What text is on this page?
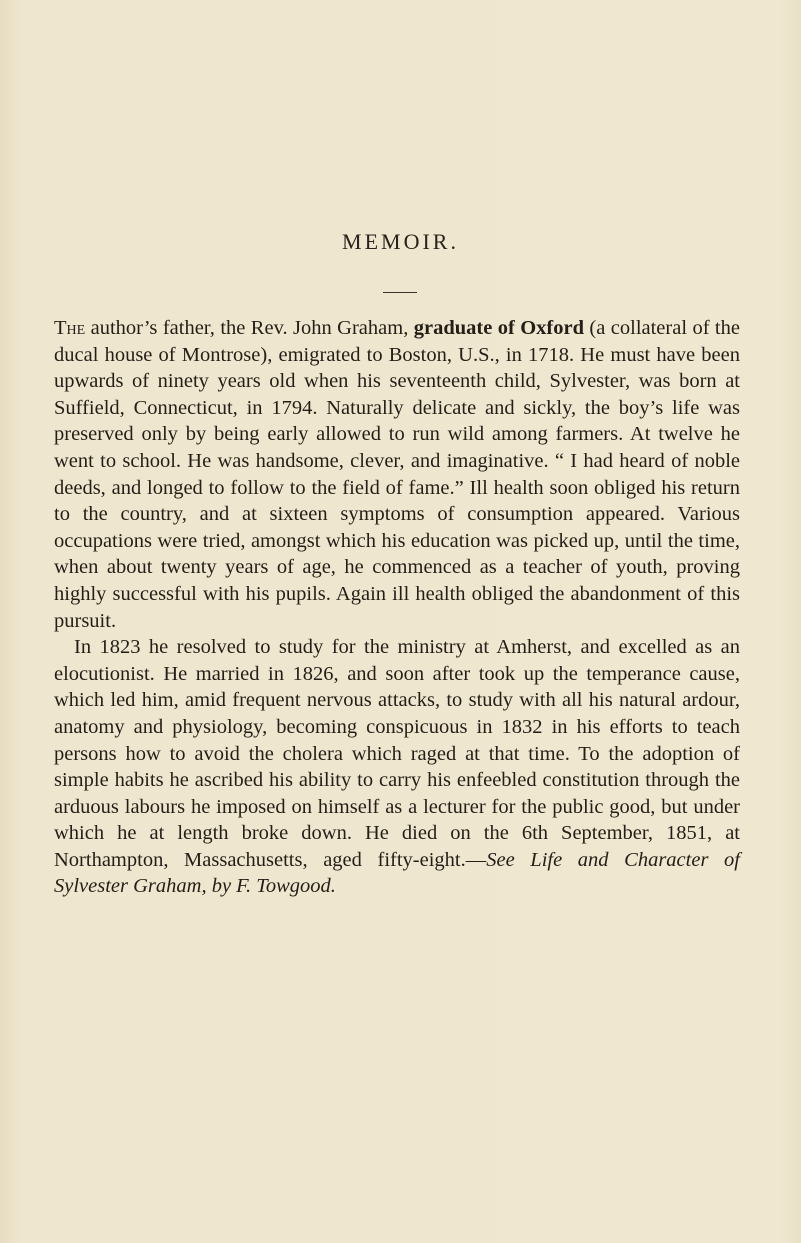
MEMOIR.

The author’s father, the Rev. John Graham, graduate of Oxford (a collateral of the ducal house of Montrose), emigrated to Boston, U.S., in 1718. He must have been upwards of ninety years old when his seventeenth child, Sylvester, was born at Suffield, Connecticut, in 1794. Naturally delicate and sickly, the boy’s life was preserved only by being early allowed to run wild among farmers. At twelve he went to school. He was handsome, clever, and imaginative. “ I had heard of noble deeds, and longed to follow to the field of fame.” Ill health soon obliged his return to the country, and at sixteen symptoms of consumption appeared. Various occupations were tried, amongst which his education was picked up, until the time, when about twenty years of age, he commenced as a teacher of youth, proving highly successful with his pupils. Again ill health obliged the abandonment of this pursuit.

In 1823 he resolved to study for the ministry at Amherst, and excelled as an elocutionist. He married in 1826, and soon after took up the temperance cause, which led him, amid frequent nervous attacks, to study with all his natural ardour, anatomy and physiology, becoming conspicuous in 1832 in his efforts to teach persons how to avoid the cholera which raged at that time. To the adoption of simple habits he ascribed his ability to carry his enfeebled constitution through the arduous labours he imposed on himself as a lecturer for the public good, but under which he at length broke down. He died on the 6th September, 1851, at Northampton, Massachusetts, aged fifty-eight.—See Life and Character of Sylvester Graham, by F. Towgood.
